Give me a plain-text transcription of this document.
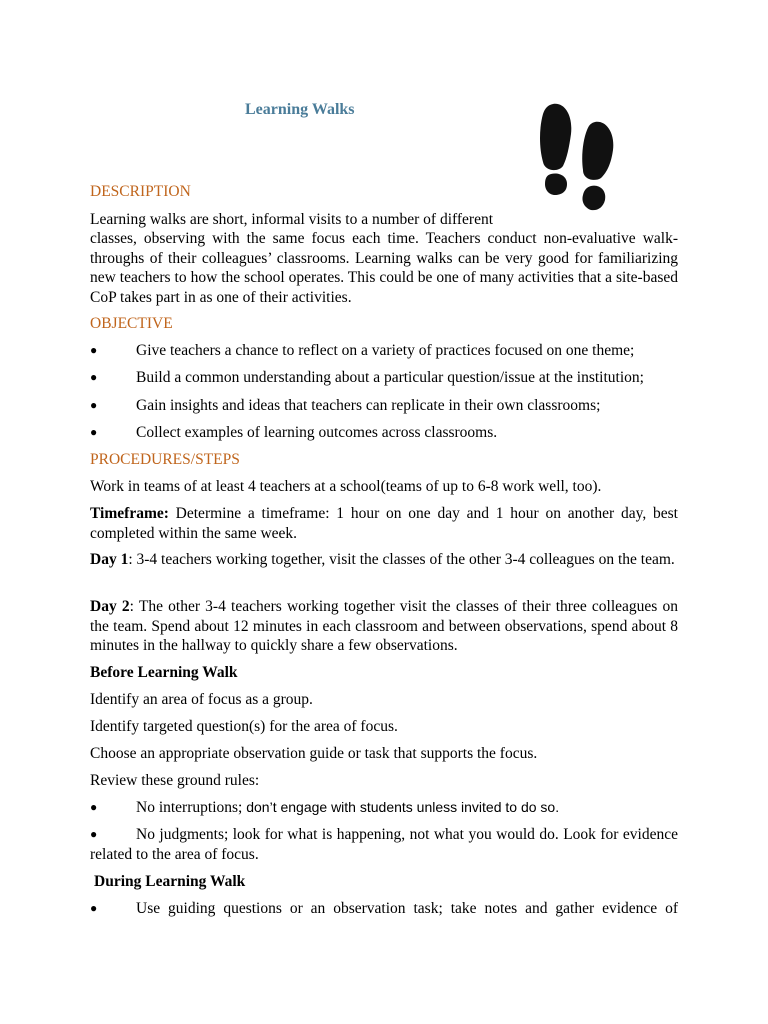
Learning Walks
DESCRIPTION
Learning walks are short, informal visits to a number of different
classes, observing with the same focus each time. Teachers conduct non-evaluative walk-throughs of their colleagues’ classrooms. Learning walks can be very good for familiarizing new teachers to how the school operates. This could be one of many activities that a site-based CoP takes part in as one of their activities.
OBJECTIVE
●	Give teachers a chance to reflect on a variety of practices focused on one theme;
●	Build a common understanding about a particular question/issue at the institution;
●	Gain insights and ideas that teachers can replicate in their own classrooms;
●	Collect examples of learning outcomes across classrooms.
PROCEDURES/STEPS
Work in teams of at least 4 teachers at a school(teams of up to 6-8 work well, too).
Timeframe: Determine a timeframe: 1 hour on one day and 1 hour on another day, best completed within the same week.
Day 1: 3-4 teachers working together, visit the classes of the other 3-4 colleagues on the team.
Day 2: The other 3-4 teachers working together visit the classes of their three colleagues on the team. Spend about 12 minutes in each classroom and between observations, spend about 8 minutes in the hallway to quickly share a few observations.
Before Learning Walk
Identify an area of focus as a group.
Identify targeted question(s) for the area of focus.
Choose an appropriate observation guide or task that supports the focus.
Review these ground rules:
●	No interruptions; don’t engage with students unless invited to do so.
●	No judgments; look for what is happening, not what you would do. Look for evidence related to the area of focus.
During Learning Walk
●	Use guiding questions or an observation task; take notes and gather evidence of
